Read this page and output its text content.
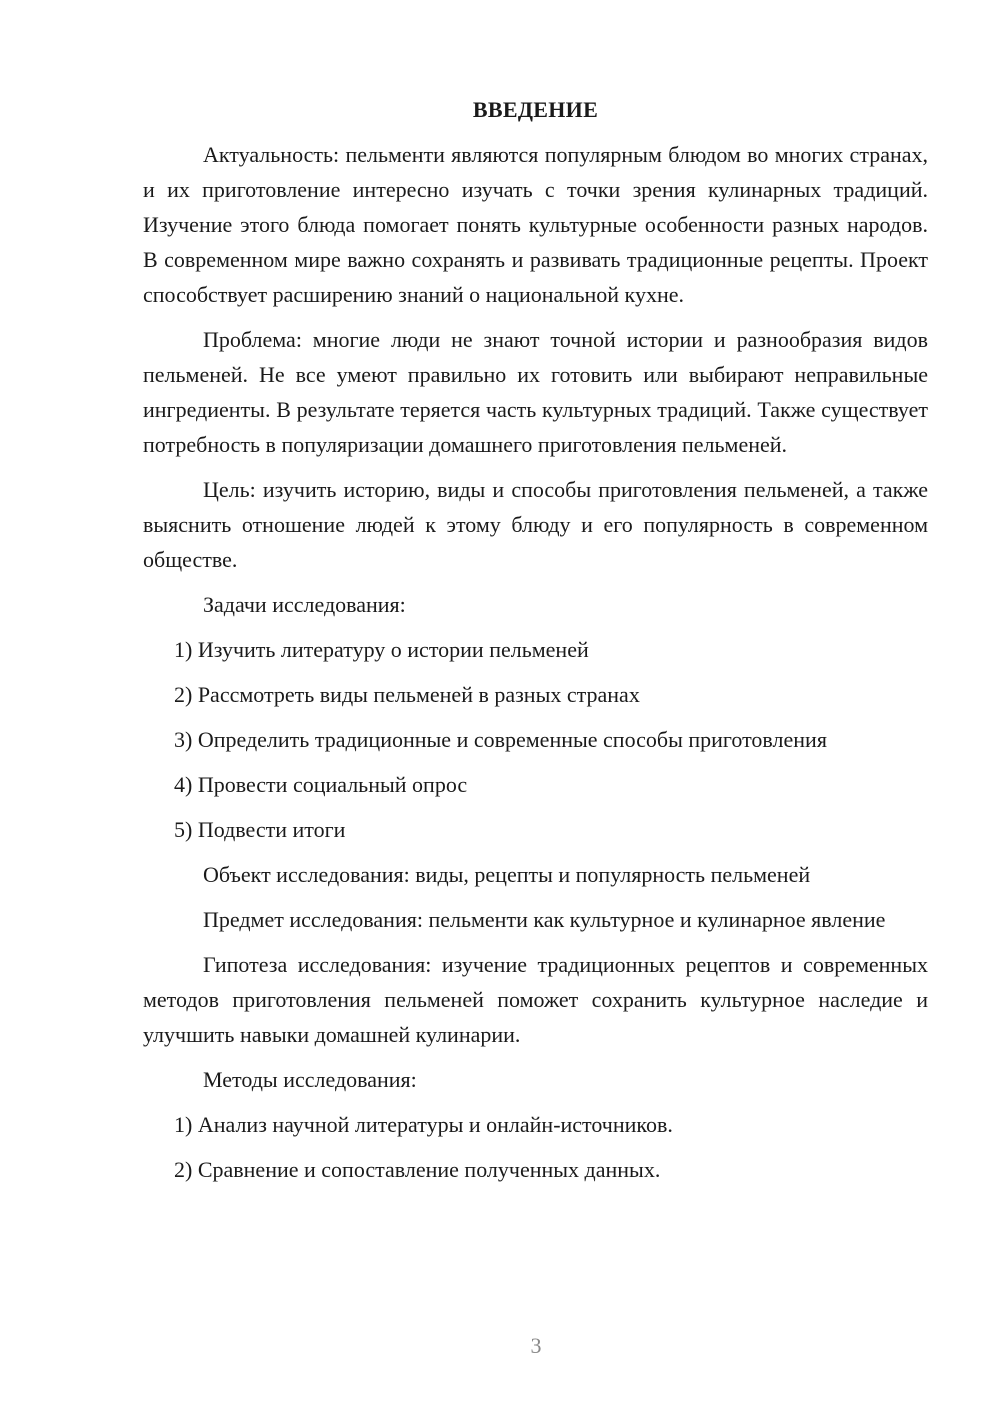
ВВЕДЕНИЕ
Актуальность: пельменти являются популярным блюдом во многих странах, и их приготовление интересно изучать с точки зрения кулинарных традиций. Изучение этого блюда помогает понять культурные особенности разных народов. В современном мире важно сохранять и развивать традиционные рецепты. Проект способствует расширению знаний о национальной кухне.
Проблема: многие люди не знают точной истории и разнообразия видов пельменей. Не все умеют правильно их готовить или выбирают неправильные ингредиенты. В результате теряется часть культурных традиций. Также существует потребность в популяризации домашнего приготовления пельменей.
Цель: изучить историю, виды и способы приготовления пельменей, а также выяснить отношение людей к этому блюду и его популярность в современном обществе.
Задачи исследования:
1) Изучить литературу о истории пельменей
2) Рассмотреть виды пельменей в разных странах
3) Определить традиционные и современные способы приготовления
4) Провести социальный опрос
5) Подвести итоги
Объект исследования: виды, рецепты и популярность пельменей
Предмет исследования: пельменти как культурное и кулинарное явление
Гипотеза исследования: изучение традиционных рецептов и современных методов приготовления пельменей поможет сохранить культурное наследие и улучшить навыки домашней кулинарии.
Методы исследования:
1) Анализ научной литературы и онлайн-источников.
2) Сравнение и сопоставление полученных данных.
3
